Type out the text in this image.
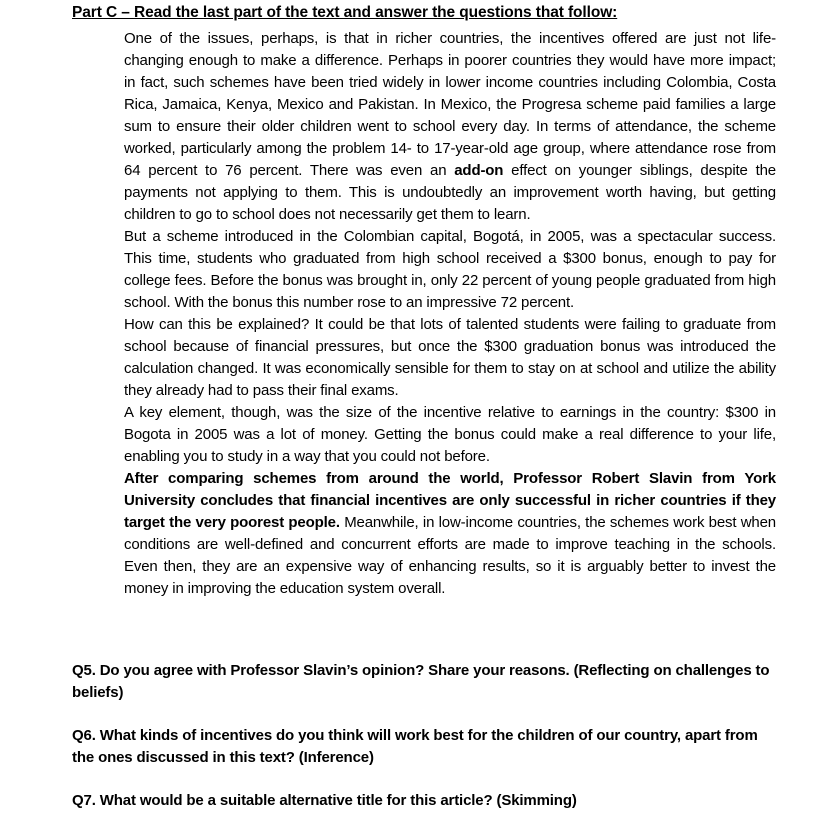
Part C – Read the last part of the text and answer the questions that follow:

One of the issues, perhaps, is that in richer countries, the incentives offered are just not life-changing enough to make a difference. Perhaps in poorer countries they would have more impact; in fact, such schemes have been tried widely in lower income countries including Colombia, Costa Rica, Jamaica, Kenya, Mexico and Pakistan. In Mexico, the Progresa scheme paid families a large sum to ensure their older children went to school every day. In terms of attendance, the scheme worked, particularly among the problem 14- to 17-year-old age group, where attendance rose from 64 percent to 76 percent. There was even an add-on effect on younger siblings, despite the payments not applying to them. This is undoubtedly an improvement worth having, but getting children to go to school does not necessarily get them to learn.

But a scheme introduced in the Colombian capital, Bogotá, in 2005, was a spectacular success. This time, students who graduated from high school received a $300 bonus, enough to pay for college fees. Before the bonus was brought in, only 22 percent of young people graduated from high school. With the bonus this number rose to an impressive 72 percent.

How can this be explained? It could be that lots of talented students were failing to graduate from school because of financial pressures, but once the $300 graduation bonus was introduced the calculation changed. It was economically sensible for them to stay on at school and utilize the ability they already had to pass their final exams.

A key element, though, was the size of the incentive relative to earnings in the country: $300 in Bogota in 2005 was a lot of money. Getting the bonus could make a real difference to your life, enabling you to study in a way that you could not before.

After comparing schemes from around the world, Professor Robert Slavin from York University concludes that financial incentives are only successful in richer countries if they target the very poorest people. Meanwhile, in low-income countries, the schemes work best when conditions are well-defined and concurrent efforts are made to improve teaching in the schools. Even then, they are an expensive way of enhancing results, so it is arguably better to invest the money in improving the education system overall.

Q5. Do you agree with Professor Slavin’s opinion? Share your reasons. (Reflecting on challenges to beliefs)

Q6. What kinds of incentives do you think will work best for the children of our country, apart from the ones discussed in this text? (Inference)

Q7. What would be a suitable alternative title for this article? (Skimming)
